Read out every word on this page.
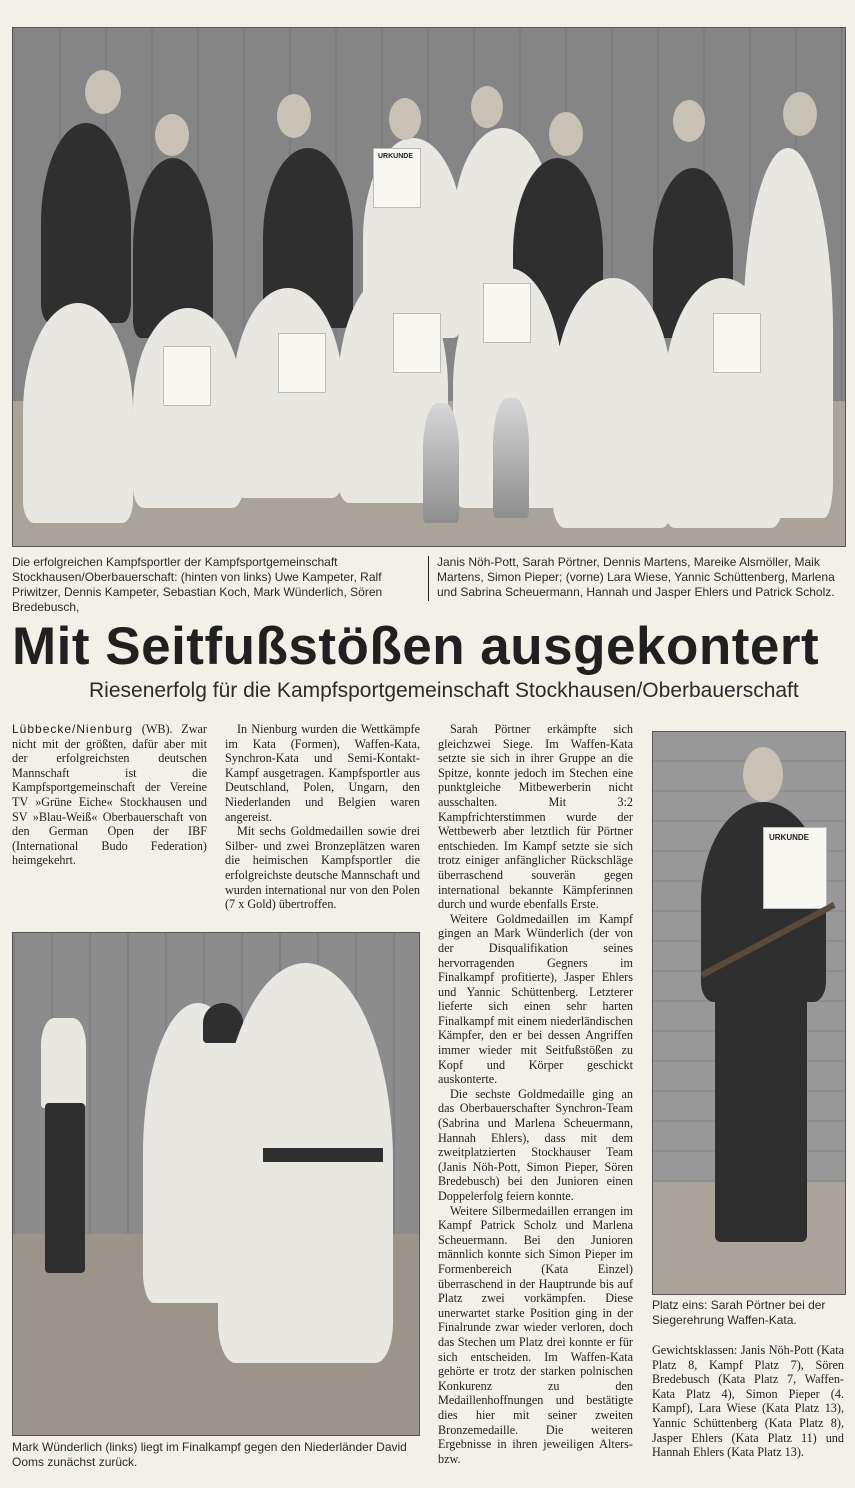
URKUNDE
Die erfolgreichen Kampfsportler der Kampfsportgemeinschaft Stockhausen/Oberbauerschaft: (hinten von links) Uwe Kampeter, Ralf Priwitzer, Dennis Kampeter, Sebastian Koch, Mark Wünderlich, Sören Bredebusch,
Janis Nöh-Pott, Sarah Pörtner, Dennis Martens, Mareike Alsmöller, Maik Martens, Simon Pieper; (vorne) Lara Wiese, Yannic Schüttenberg, Marlena und Sabrina Scheuermann, Hannah und Jasper Ehlers und Patrick Scholz.
Mit Seitfußstößen ausgekontert
Riesenerfolg für die Kampfsportgemeinschaft Stockhausen/Oberbauerschaft

Lübbecke/Nienburg (WB). Zwar nicht mit der größten, dafür aber mit der erfolgreichsten deutschen Mannschaft ist die Kampfsportgemeinschaft der Vereine TV »Grüne Eiche« Stockhausen und SV »Blau-Weiß« Oberbauerschaft von den German Open der IBF (International Budo Federation) heimgekehrt.

In Nienburg wurden die Wettkämpfe im Kata (Formen), Waffen-Kata, Synchron-Kata und Semi-Kontakt-Kampf ausgetragen. Kampfsportler aus Deutschland, Polen, Ungarn, den Niederlanden und Belgien waren angereist.

Mit sechs Goldmedaillen sowie drei Silber- und zwei Bronzeplätzen waren die heimischen Kampfsportler die erfolgreichste deutsche Mannschaft und wurden international nur von den Polen (7 x Gold) übertroffen.

Sarah Pörtner erkämpfte sich gleichzwei Siege. Im Waffen-Kata setzte sie sich in ihrer Gruppe an die Spitze, konnte jedoch im Stechen eine punktgleiche Mitbewerberin nicht ausschalten. Mit 3:2 Kampfrichterstimmen wurde der Wettbewerb aber letztlich für Pörtner entschieden. Im Kampf setzte sie sich trotz einiger anfänglicher Rückschläge überraschend souverän gegen international bekannte Kämpferinnen durch und wurde ebenfalls Erste.

Weitere Goldmedaillen im Kampf gingen an Mark Wünderlich (der von der Disqualifikation seines hervorragenden Gegners im Finalkampf profitierte), Jasper Ehlers und Yannic Schüttenberg. Letzterer lieferte sich einen sehr harten Finalkampf mit einem niederländischen Kämpfer, den er bei dessen Angriffen immer wieder mit Seitfußstößen zu Kopf und Körper geschickt auskonterte.

Die sechste Goldmedaille ging an das Oberbauerschafter Synchron-Team (Sabrina und Marlena Scheuermann, Hannah Ehlers), dass mit dem zweitplatzierten Stockhauser Team (Janis Nöh-Pott, Simon Pieper, Sören Bredebusch) bei den Junioren einen Doppelerfolg feiern konnte.

Weitere Silbermedaillen errangen im Kampf Patrick Scholz und Marlena Scheuermann. Bei den Junioren männlich konnte sich Simon Pieper im Formenbereich (Kata Einzel) überraschend in der Hauptrunde bis auf Platz zwei vorkämpfen. Diese unerwartet starke Position ging in der Finalrunde zwar wieder verloren, doch das Stechen um Platz drei konnte er für sich entscheiden. Im Waffen-Kata gehörte er trotz der starken polnischen Konkurenz zu den Medaillenhoffnungen und bestätigte dies hier mit seiner zweiten Bronzemedaille. Die weiteren Ergebnisse in ihren jeweiligen Alters- bzw.

Mark Wünderlich (links) liegt im Finalkampf gegen den Niederländer David Ooms zunächst zurück.
URKUNDE
Platz eins: Sarah Pörtner bei der Siegerehrung Waffen-Kata.

Gewichtsklassen: Janis Nöh-Pott (Kata Platz 8, Kampf Platz 7), Sören Bredebusch (Kata Platz 7, Waffen-Kata Platz 4), Simon Pieper (4. Kampf), Lara Wiese (Kata Platz 13), Yannic Schüttenberg (Kata Platz 8), Jasper Ehlers (Kata Platz 11) und Hannah Ehlers (Kata Platz 13).
